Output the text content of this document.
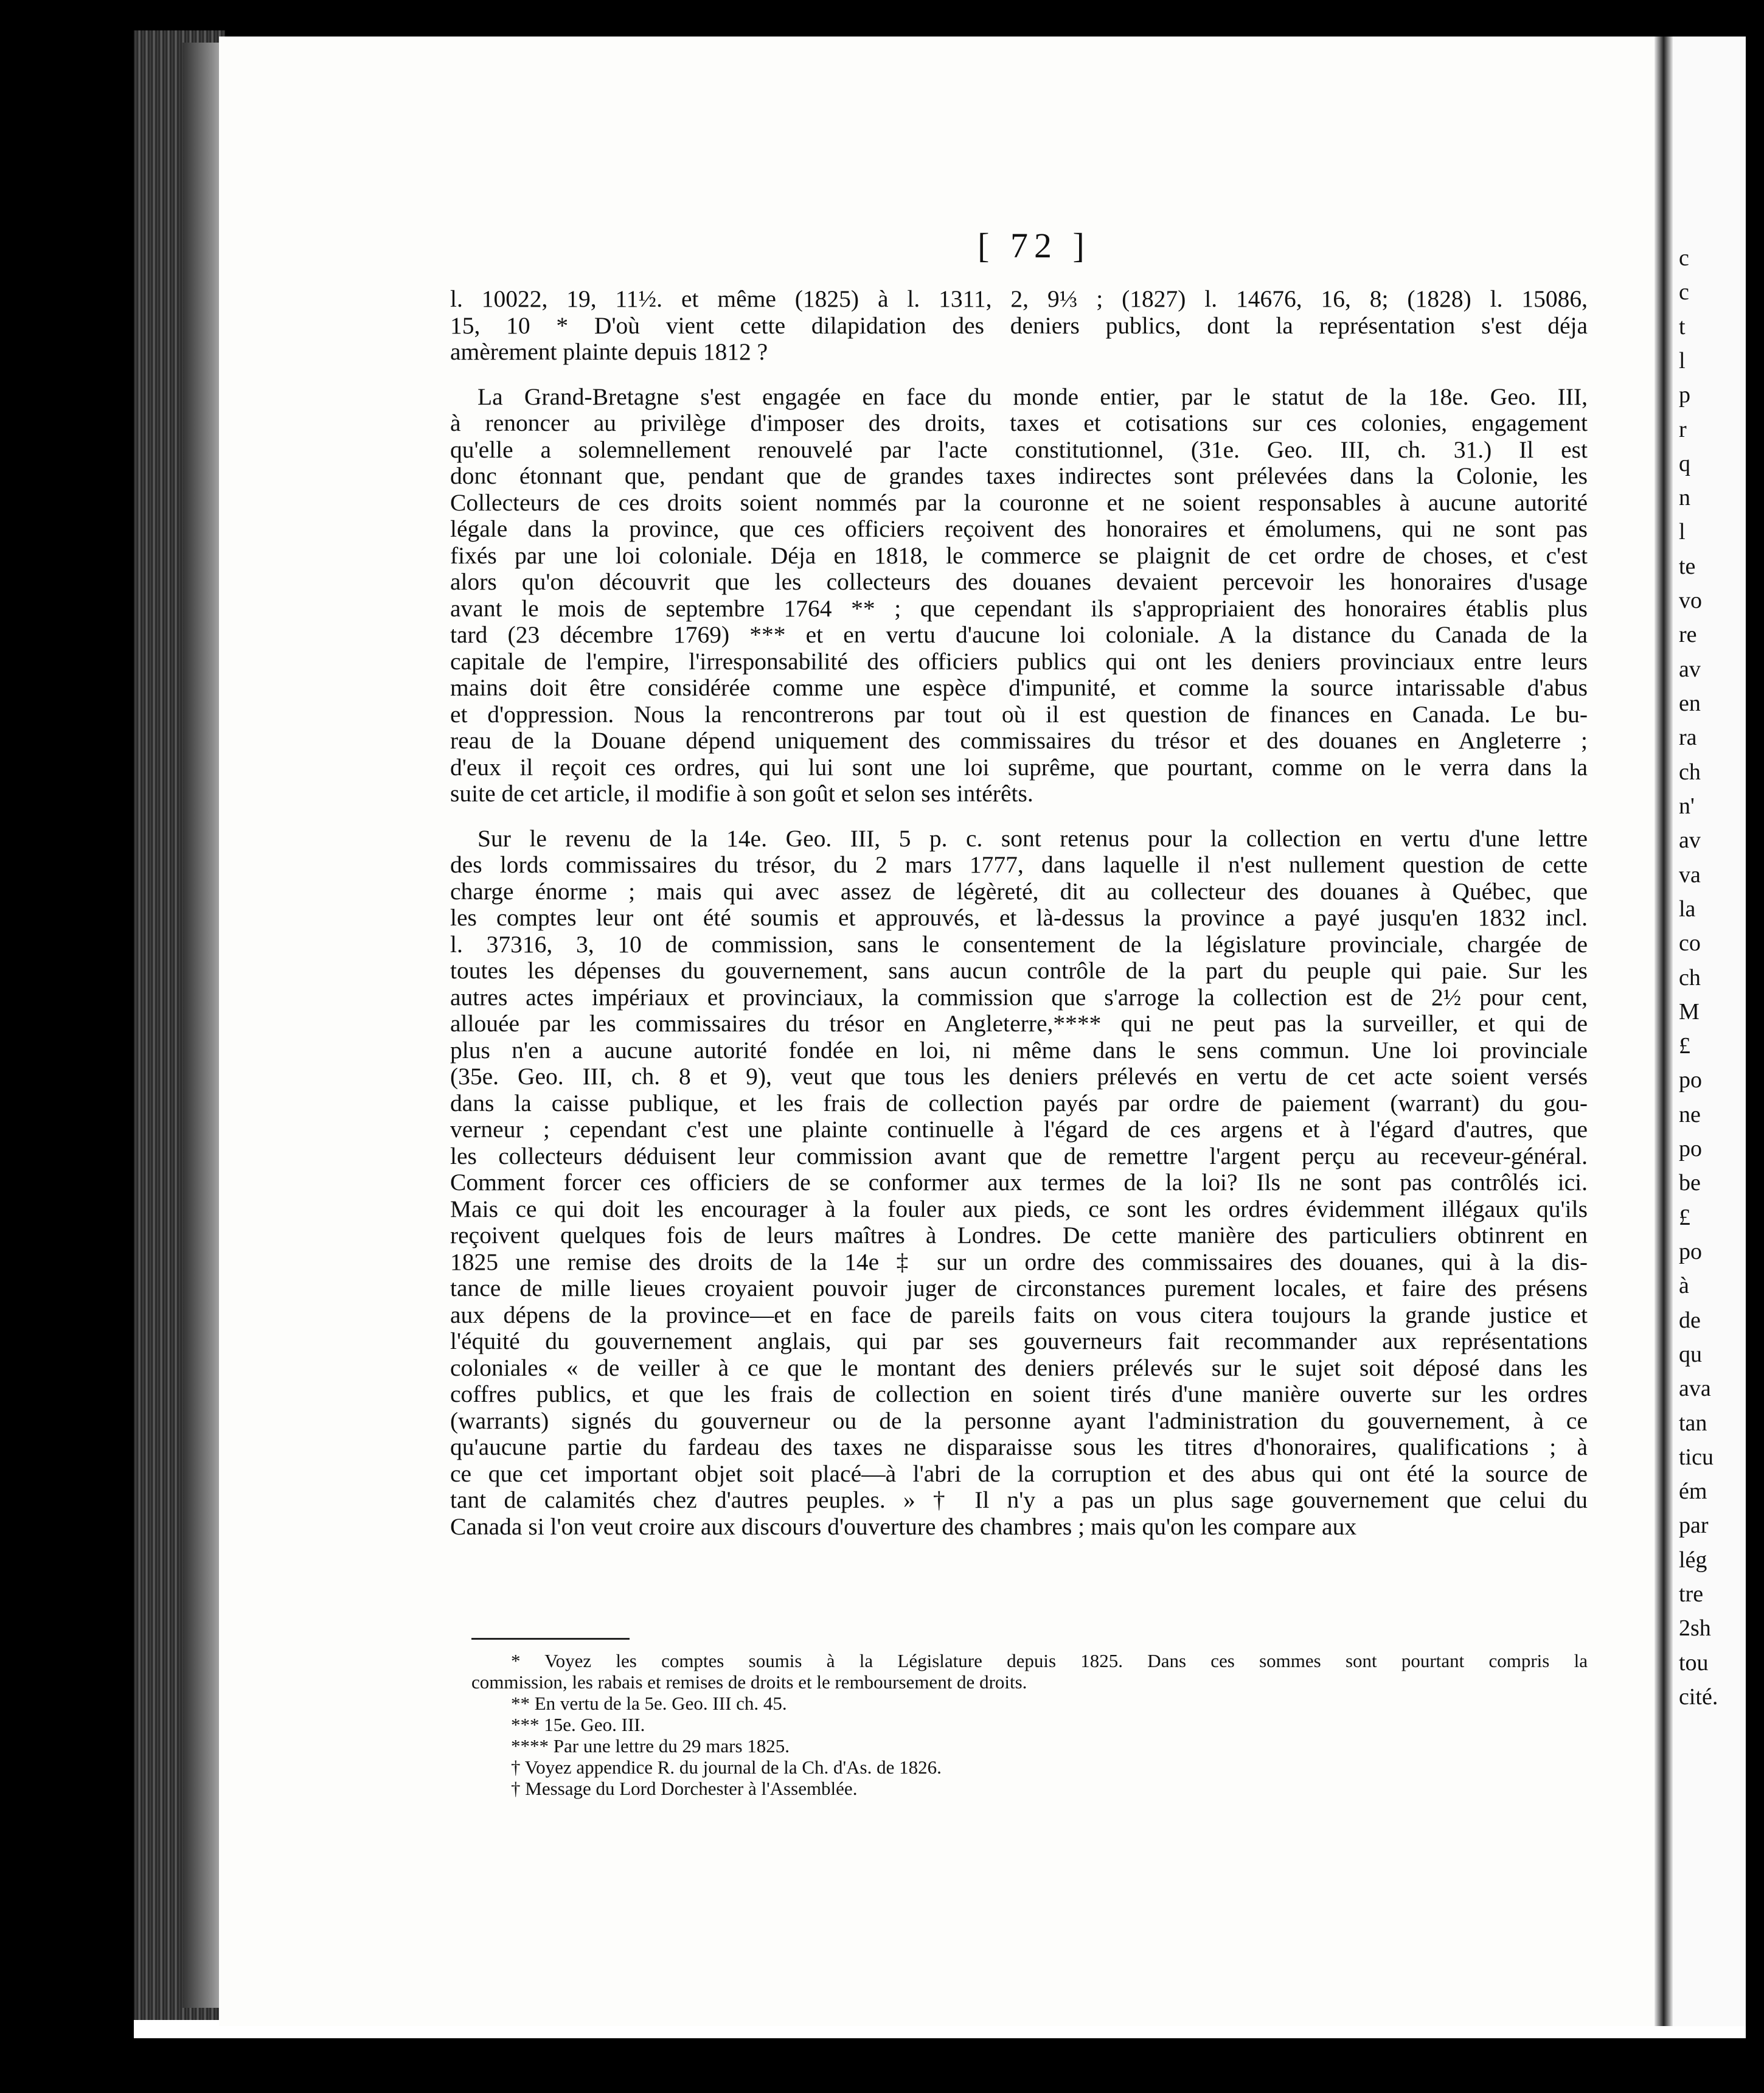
c
c
t
l
p
r
q
n
l
te
vo
re
av
en
ra
ch
n'
av
va
la
co
ch
M
£
po
ne
po
be
£
po
à
de
qu
ava
tan
ticu
ém
par
lég
tre
2sh
tou
cité.
[ 72 ]
l. 10022, 19, 11½. et même (1825) à l. 1311, 2, 9⅓ ; (1827) l. 14676, 16, 8; (1828) l. 15086,
15, 10 * D'où vient cette dilapidation des deniers publics, dont la représentation s'est déja
amèrement plainte depuis 1812 ?
La Grand-Bretagne s'est engagée en face du monde entier, par le statut de la 18e. Geo. III,
à renoncer au privilège d'imposer des droits, taxes et cotisations sur ces colonies, engagement
qu'elle a solemnellement renouvelé par l'acte constitutionnel, (31e. Geo. III, ch. 31.) Il est
donc étonnant que, pendant que de grandes taxes indirectes sont prélevées dans la Colonie, les
Collecteurs de ces droits soient nommés par la couronne et ne soient responsables à aucune autorité
légale dans la province, que ces officiers reçoivent des honoraires et émolumens, qui ne sont pas
fixés par une loi coloniale. Déja en 1818, le commerce se plaignit de cet ordre de choses, et c'est
alors qu'on découvrit que les collecteurs des douanes devaient percevoir les honoraires d'usage
avant le mois de septembre 1764 ** ; que cependant ils s'appropriaient des honoraires établis plus
tard (23 décembre 1769) *** et en vertu d'aucune loi coloniale. A la distance du Canada de la
capitale de l'empire, l'irresponsabilité des officiers publics qui ont les deniers provinciaux entre leurs
mains doit être considérée comme une espèce d'impunité, et comme la source intarissable d'abus
et d'oppression. Nous la rencontrerons par tout où il est question de finances en Canada. Le bu-
reau de la Douane dépend uniquement des commissaires du trésor et des douanes en Angleterre ;
d'eux il reçoit ces ordres, qui lui sont une loi suprême, que pourtant, comme on le verra dans la
suite de cet article, il modifie à son goût et selon ses intérêts.
Sur le revenu de la 14e. Geo. III, 5 p. c. sont retenus pour la collection en vertu d'une lettre
des lords commissaires du trésor, du 2 mars 1777, dans laquelle il n'est nullement question de cette
charge énorme ; mais qui avec assez de légèreté, dit au collecteur des douanes à Québec, que
les comptes leur ont été soumis et approuvés, et là-dessus la province a payé jusqu'en 1832 incl.
l. 37316, 3, 10 de commission, sans le consentement de la législature provinciale, chargée de
toutes les dépenses du gouvernement, sans aucun contrôle de la part du peuple qui paie. Sur les
autres actes impériaux et provinciaux, la commission que s'arroge la collection est de 2½ pour cent,
allouée par les commissaires du trésor en Angleterre,**** qui ne peut pas la surveiller, et qui de
plus n'en a aucune autorité fondée en loi, ni même dans le sens commun. Une loi provinciale
(35e. Geo. III, ch. 8 et 9), veut que tous les deniers prélevés en vertu de cet acte soient versés
dans la caisse publique, et les frais de collection payés par ordre de paiement (warrant) du gou-
verneur ; cependant c'est une plainte continuelle à l'égard de ces argens et à l'égard d'autres, que
les collecteurs déduisent leur commission avant que de remettre l'argent perçu au receveur-général.
Comment forcer ces officiers de se conformer aux termes de la loi? Ils ne sont pas contrôlés ici.
Mais ce qui doit les encourager à la fouler aux pieds, ce sont les ordres évidemment illégaux qu'ils
reçoivent quelques fois de leurs maîtres à Londres. De cette manière des particuliers obtinrent en
1825 une remise des droits de la 14e ‡ sur un ordre des commissaires des douanes, qui à la dis-
tance de mille lieues croyaient pouvoir juger de circonstances purement locales, et faire des présens
aux dépens de la province—et en face de pareils faits on vous citera toujours la grande justice et
l'équité du gouvernement anglais, qui par ses gouverneurs fait recommander aux représentations
coloniales « de veiller à ce que le montant des deniers prélevés sur le sujet soit déposé dans les
coffres publics, et que les frais de collection en soient tirés d'une manière ouverte sur les ordres
(warrants) signés du gouverneur ou de la personne ayant l'administration du gouvernement, à ce
qu'aucune partie du fardeau des taxes ne disparaisse sous les titres d'honoraires, qualifications ; à
ce que cet important objet soit placé—à l'abri de la corruption et des abus qui ont été la source de
tant de calamités chez d'autres peuples. » † Il n'y a pas un plus sage gouvernement que celui du
Canada si l'on veut croire aux discours d'ouverture des chambres ; mais qu'on les compare aux
* Voyez les comptes soumis à la Législature depuis 1825. Dans ces sommes sont pourtant compris la
commission, les rabais et remises de droits et le remboursement de droits.
** En vertu de la 5e. Geo. III ch. 45.
*** 15e. Geo. III.
**** Par une lettre du 29 mars 1825.
† Voyez appendice R. du journal de la Ch. d'As. de 1826.
† Message du Lord Dorchester à l'Assemblée.
